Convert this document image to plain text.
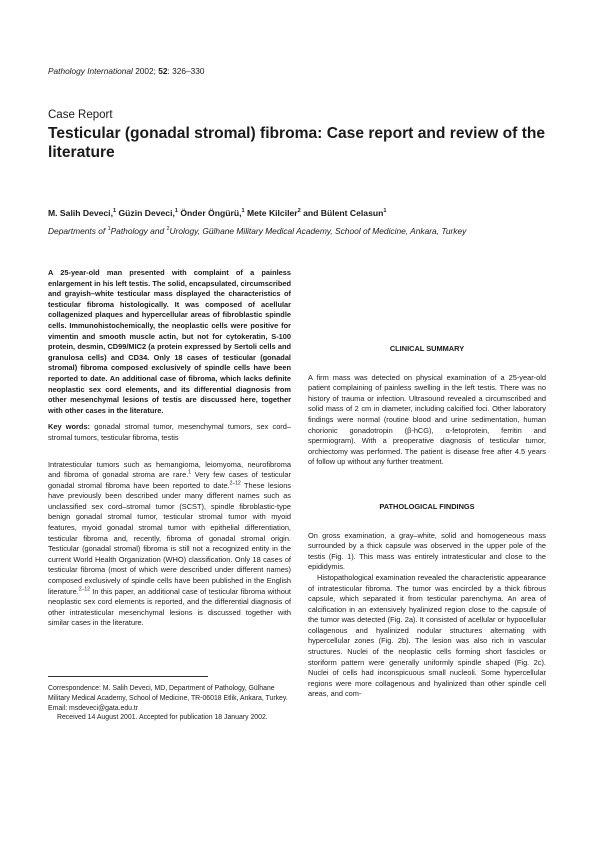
Pathology International 2002; 52: 326–330
Case Report
Testicular (gonadal stromal) fibroma: Case report and review of the literature
M. Salih Deveci,$^1$ Güzin Deveci,$^1$ Önder Öngürü,$^1$ Mete Kilciler$^2$ and Bülent Celasun$^1$
Departments of $^1$Pathology and $^2$Urology, Gülhane Military Medical Academy, School of Medicine, Ankara, Turkey

A 25-year-old man presented with complaint of a painless enlargement in his left testis. The solid, encapsulated, circumscribed and grayish–white testicular mass displayed the characteristics of testicular fibroma histologically. It was composed of acellular collagenized plaques and hypercellular areas of fibroblastic spindle cells. Immunohistochemically, the neoplastic cells were positive for vimentin and smooth muscle actin, but not for cytokeratin, S-100 protein, desmin, CD99/MIC2 (a protein expressed by Sertoli cells and granulosa cells) and CD34. Only 18 cases of testicular (gonadal stromal) fibroma composed exclusively of spindle cells have been reported to date. An additional case of fibroma, which lacks definite neoplastic sex cord elements, and its differential diagnosis from other mesenchymal lesions of testis are discussed here, together with other cases in the literature.

Key words: gonadal stromal tumor, mesenchymal tumors, sex cord–stromal tumors, testicular fibroma, testis

Intratesticular tumors such as hemangioma, leiomyoma, neurofibroma and fibroma of gonadal stroma are rare.$^1$ Very few cases of testicular gonadal stromal fibroma have been reported to date.$^{2-12}$ These lesions have previously been described under many different names such as unclassified sex cord–stromal tumor (SCST), spindle fibroblastic-type benign gonadal stromal tumor, testicular stromal tumor with myoid features, myoid gonadal stromal tumor with epithelial differentiation, testicular fibroma and, recently, fibroma of gonadal stromal origin. Testicular (gonadal stromal) fibroma is still not a recognized entity in the current World Health Organization (WHO) classification. Only 18 cases of testicular fibroma (most of which were described under different names) composed exclusively of spindle cells have been published in the English literature.$^{2-12}$ In this paper, an additional case of testicular fibroma without neoplastic sex cord elements is reported, and the differential diagnosis of other intratesticular mesenchymal lesions is discussed together with similar cases in the literature.

Correspondence: M. Salih Deveci, MD, Department of Pathology, Gülhane Military Medical Academy, School of Medicine, TR-06018 Etlik, Ankara, Turkey. Email: msdeveci@gata.edu.tr

Received 14 August 2001. Accepted for publication 18 January 2002.

CLINICAL SUMMARY

A firm mass was detected on physical examination of a 25-year-old patient complaining of painless swelling in the left testis. There was no history of trauma or infection. Ultrasound revealed a circumscribed and solid mass of 2 cm in diameter, including calcified foci. Other laboratory findings were normal (routine blood and urine sedimentation, human chorionic gonadotropin (β-hCG), α-fetoprotein, ferritin and spermiogram). With a preoperative diagnosis of testicular tumor, orchiectomy was performed. The patient is disease free after 4.5 years of follow up without any further treatment.

PATHOLOGICAL FINDINGS

On gross examination, a gray–white, solid and homogeneous mass surrounded by a thick capsule was observed in the upper pole of the testis (Fig. 1). This mass was entirely intratesticular and close to the epididymis.

Histopathological examination revealed the characteristic appearance of intratesticular fibroma. The tumor was encircled by a thick fibrous capsule, which separated it from testicular parenchyma. An area of calcification in an extensively hyalinized region close to the capsule of the tumor was detected (Fig. 2a). It consisted of acellular or hypocellular collagenous and hyalinized nodular structures alternating with hypercellular zones (Fig. 2b). The lesion was also rich in vascular structures. Nuclei of the neoplastic cells forming short fascicles or storiform pattern were generally uniformly spindle shaped (Fig. 2c). Nuclei of cells had inconspicuous small nucleoli. Some hypercellular regions were more collagenous and hyalinized than other spindle cell areas, and com-
